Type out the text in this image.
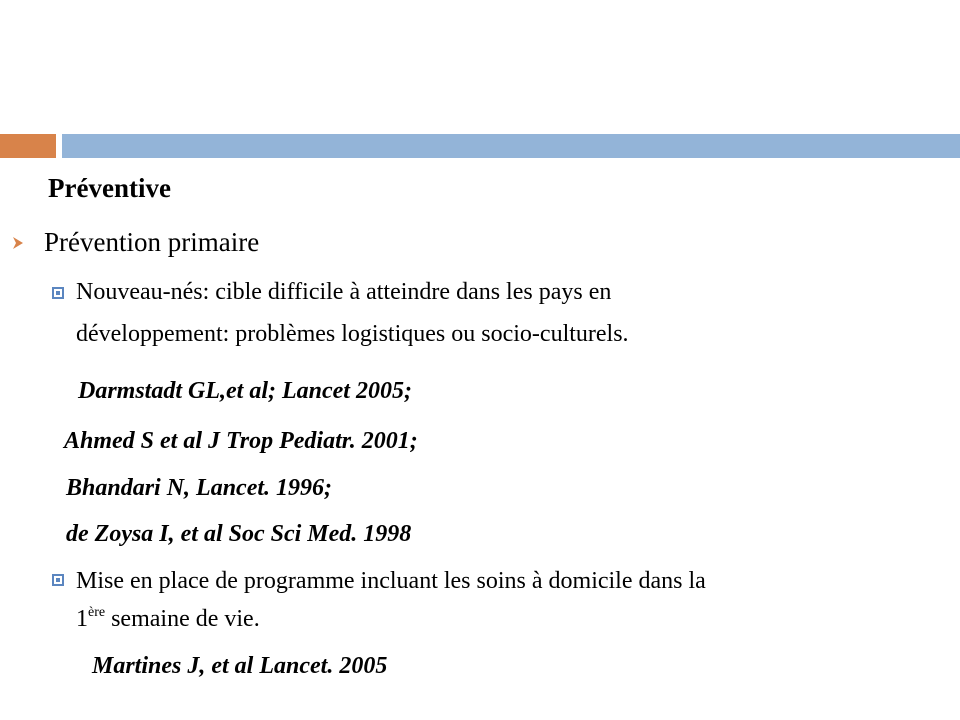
Préventive
Prévention primaire
Nouveau-nés: cible difficile à atteindre dans les pays en
développement: problèmes logistiques ou socio-culturels.
Darmstadt GL,et al; Lancet 2005;
Ahmed S et al J Trop Pediatr. 2001;
Bhandari N, Lancet. 1996;
de Zoysa I, et al Soc Sci Med. 1998
Mise en place de programme incluant les soins à domicile dans la
1ère semaine de vie.
Martines J, et al Lancet. 2005
